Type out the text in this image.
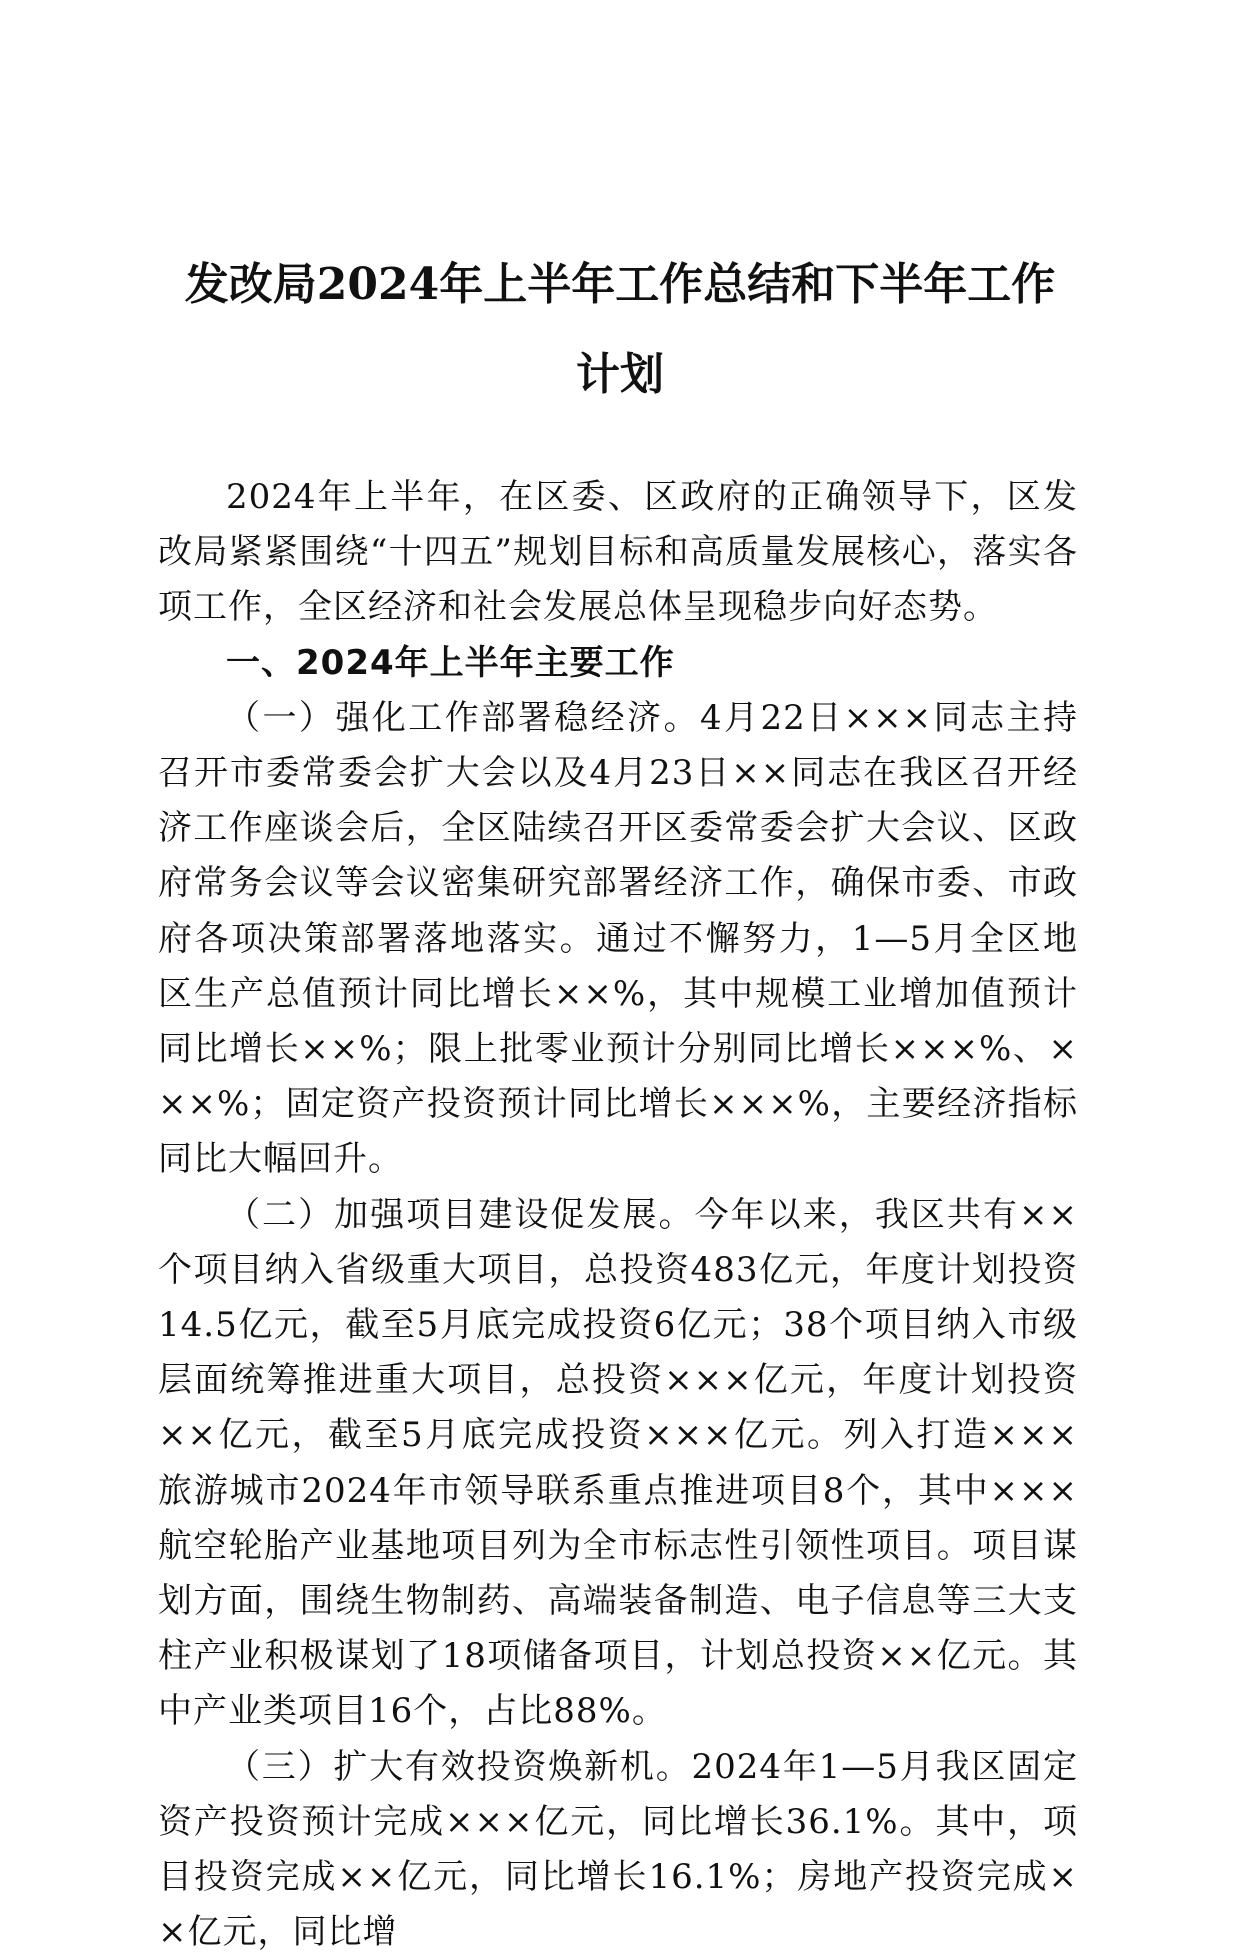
发改局2024年上半年工作总结和下半年工作
计划

2024年上半年，在区委、区政府的正确领导下，区发改局紧紧围绕“十四五”规划目标和高质量发展核心，落实各项工作，全区经济和社会发展总体呈现稳步向好态势。

一、2024年上半年主要工作

（一）强化工作部署稳经济。4月22日×××同志主持召开市委常委会扩大会以及4月23日××同志在我区召开经济工作座谈会后，全区陆续召开区委常委会扩大会议、区政府常务会议等会议密集研究部署经济工作，确保市委、市政府各项决策部署落地落实。通过不懈努力，1—5月全区地区生产总值预计同比增长××%，其中规模工业增加值预计同比增长××%；限上批零业预计分别同比增长×××%、×××%；固定资产投资预计同比增长×××%，主要经济指标同比大幅回升。

（二）加强项目建设促发展。今年以来，我区共有××个项目纳入省级重大项目，总投资483亿元，年度计划投资14.5亿元，截至5月底完成投资6亿元；38个项目纳入市级层面统筹推进重大项目，总投资×××亿元，年度计划投资××亿元，截至5月底完成投资×××亿元。列入打造×××旅游城市2024年市领导联系重点推进项目8个，其中×××航空轮胎产业基地项目列为全市标志性引领性项目。项目谋划方面，围绕生物制药、高端装备制造、电子信息等三大支柱产业积极谋划了18项储备项目，计划总投资××亿元。其中产业类项目16个，占比88%。

（三）扩大有效投资焕新机。2024年1—5月我区固定资产投资预计完成×××亿元，同比增长36.1%。其中，项目投资完成××亿元，同比增长16.1%；房地产投资完成××亿元，同比增
